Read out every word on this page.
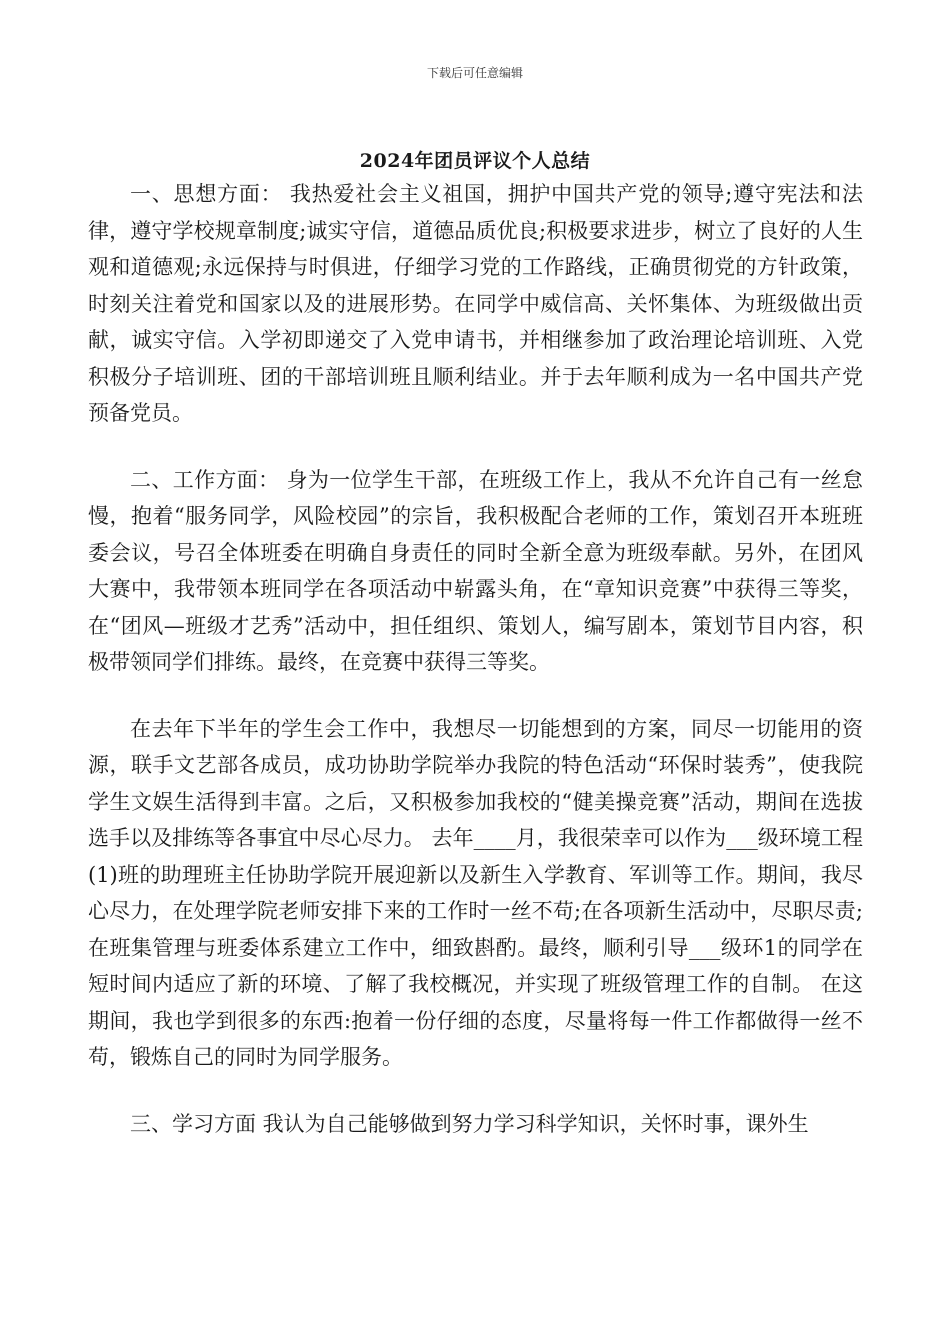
下载后可任意编辑
2024年团员评议个人总结

一、思想方面： 我热爱社会主义祖国，拥护中国共产党的领导;遵守宪法和法律，遵守学校规章制度;诚实守信，道德品质优良;积极要求进步，树立了良好的人生观和道德观;永远保持与时俱进，仔细学习党的工作路线，正确贯彻党的方针政策，时刻关注着党和国家以及的进展形势。在同学中威信高、关怀集体、为班级做出贡献，诚实守信。入学初即递交了入党申请书，并相继参加了政治理论培训班、入党积极分子培训班、团的干部培训班且顺利结业。并于去年顺利成为一名中国共产党预备党员。

二、工作方面： 身为一位学生干部，在班级工作上，我从不允许自己有一丝怠慢，抱着“服务同学，风险校园”的宗旨，我积极配合老师的工作，策划召开本班班委会议，号召全体班委在明确自身责任的同时全新全意为班级奉献。另外，在团风大赛中，我带领本班同学在各项活动中崭露头角，在“章知识竞赛”中获得三等奖，在“团风—班级才艺秀”活动中，担任组织、策划人，编写剧本，策划节目内容，积极带领同学们排练。最终，在竞赛中获得三等奖。

在去年下半年的学生会工作中，我想尽一切能想到的方案，同尽一切能用的资源，联手文艺部各成员，成功协助学院举办我院的特色活动“环保时装秀”，使我院学生文娱生活得到丰富。之后，又积极参加我校的“健美操竞赛”活动，期间在选拔选手以及排练等各事宜中尽心尽力。 去年____月，我很荣幸可以作为___级环境工程(1)班的助理班主任协助学院开展迎新以及新生入学教育、军训等工作。期间，我尽心尽力，在处理学院老师安排下来的工作时一丝不苟;在各项新生活动中，尽职尽责;在班集管理与班委体系建立工作中，细致斟酌。最终，顺利引导___级环1的同学在短时间内适应了新的环境、了解了我校概况，并实现了班级管理工作的自制。 在这期间，我也学到很多的东西:抱着一份仔细的态度，尽量将每一件工作都做得一丝不苟，锻炼自己的同时为同学服务。

三、学习方面 我认为自己能够做到努力学习科学知识，关怀时事，课外生
